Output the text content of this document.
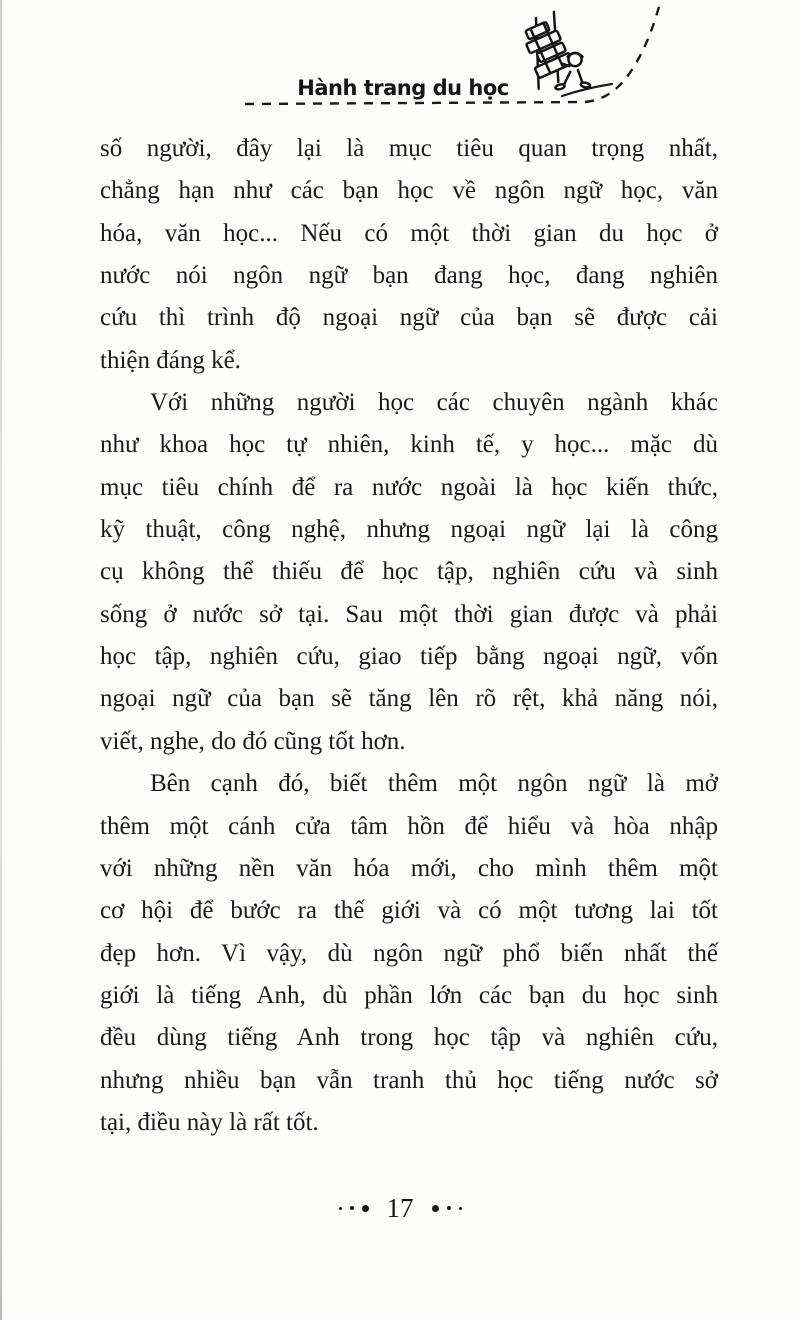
Hành trang du học
số người, đây lại là mục tiêu quan trọng nhất,
chẳng hạn như các bạn học về ngôn ngữ học, văn
hóa, văn học... Nếu có một thời gian du học ở
nước nói ngôn ngữ bạn đang học, đang nghiên
cứu thì trình độ ngoại ngữ của bạn sẽ được cải
thiện đáng kể.
Với những người học các chuyên ngành khác
như khoa học tự nhiên, kinh tế, y học... mặc dù
mục tiêu chính để ra nước ngoài là học kiến thức,
kỹ thuật, công nghệ, nhưng ngoại ngữ lại là công
cụ không thể thiếu để học tập, nghiên cứu và sinh
sống ở nước sở tại. Sau một thời gian được và phải
học tập, nghiên cứu, giao tiếp bằng ngoại ngữ, vốn
ngoại ngữ của bạn sẽ tăng lên rõ rệt, khả năng nói,
viết, nghe, do đó cũng tốt hơn.
Bên cạnh đó, biết thêm một ngôn ngữ là mở
thêm một cánh cửa tâm hồn để hiểu và hòa nhập
với những nền văn hóa mới, cho mình thêm một
cơ hội để bước ra thế giới và có một tương lai tốt
đẹp hơn. Vì vậy, dù ngôn ngữ phổ biến nhất thế
giới là tiếng Anh, dù phần lớn các bạn du học sinh
đều dùng tiếng Anh trong học tập và nghiên cứu,
nhưng nhiều bạn vẫn tranh thủ học tiếng nước sở
tại, điều này là rất tốt.
17
